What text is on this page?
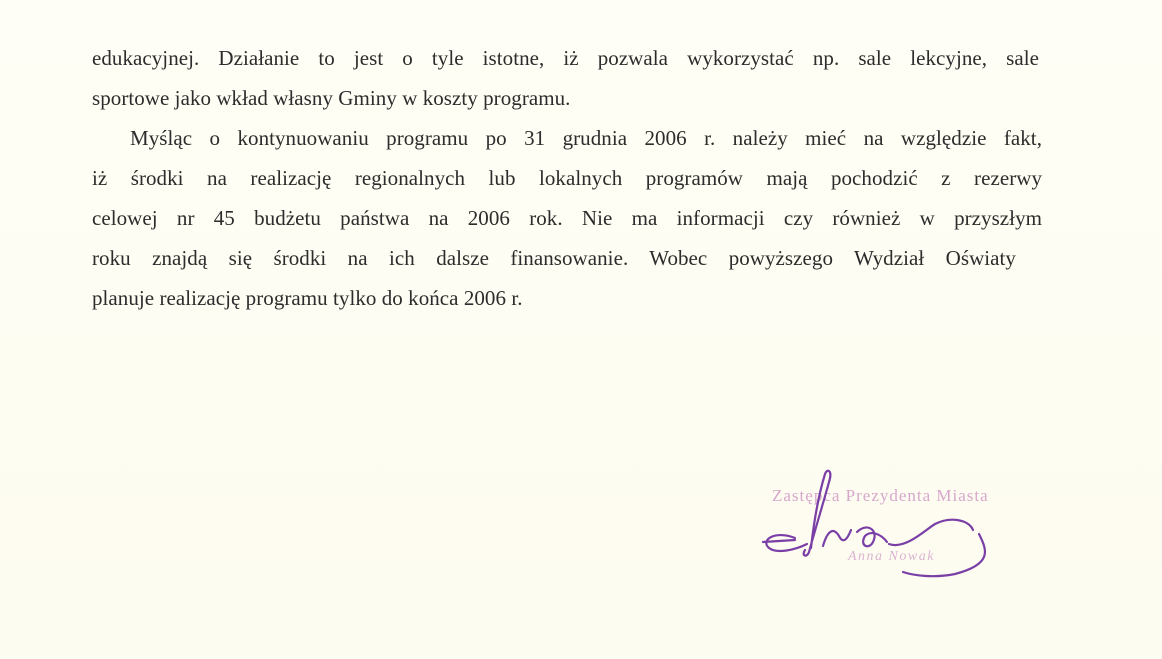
edukacyjnej. Działanie to jest o tyle istotne, iż pozwala wykorzystać np. sale lekcyjne, sale
sportowe jako wkład własny Gminy w koszty programu.
Myśląc o kontynuowaniu programu po 31 grudnia 2006 r. należy mieć na względzie fakt,
iż środki na realizację regionalnych lub lokalnych programów mają pochodzić z rezerwy
celowej nr 45 budżetu państwa na 2006 rok. Nie ma informacji czy również w przyszłym
roku znajdą się środki na ich dalsze finansowanie. Wobec powyższego Wydział Oświaty
planuje realizację programu tylko do końca 2006 r.
Zastępca Prezydenta Miasta
Anna Nowak
